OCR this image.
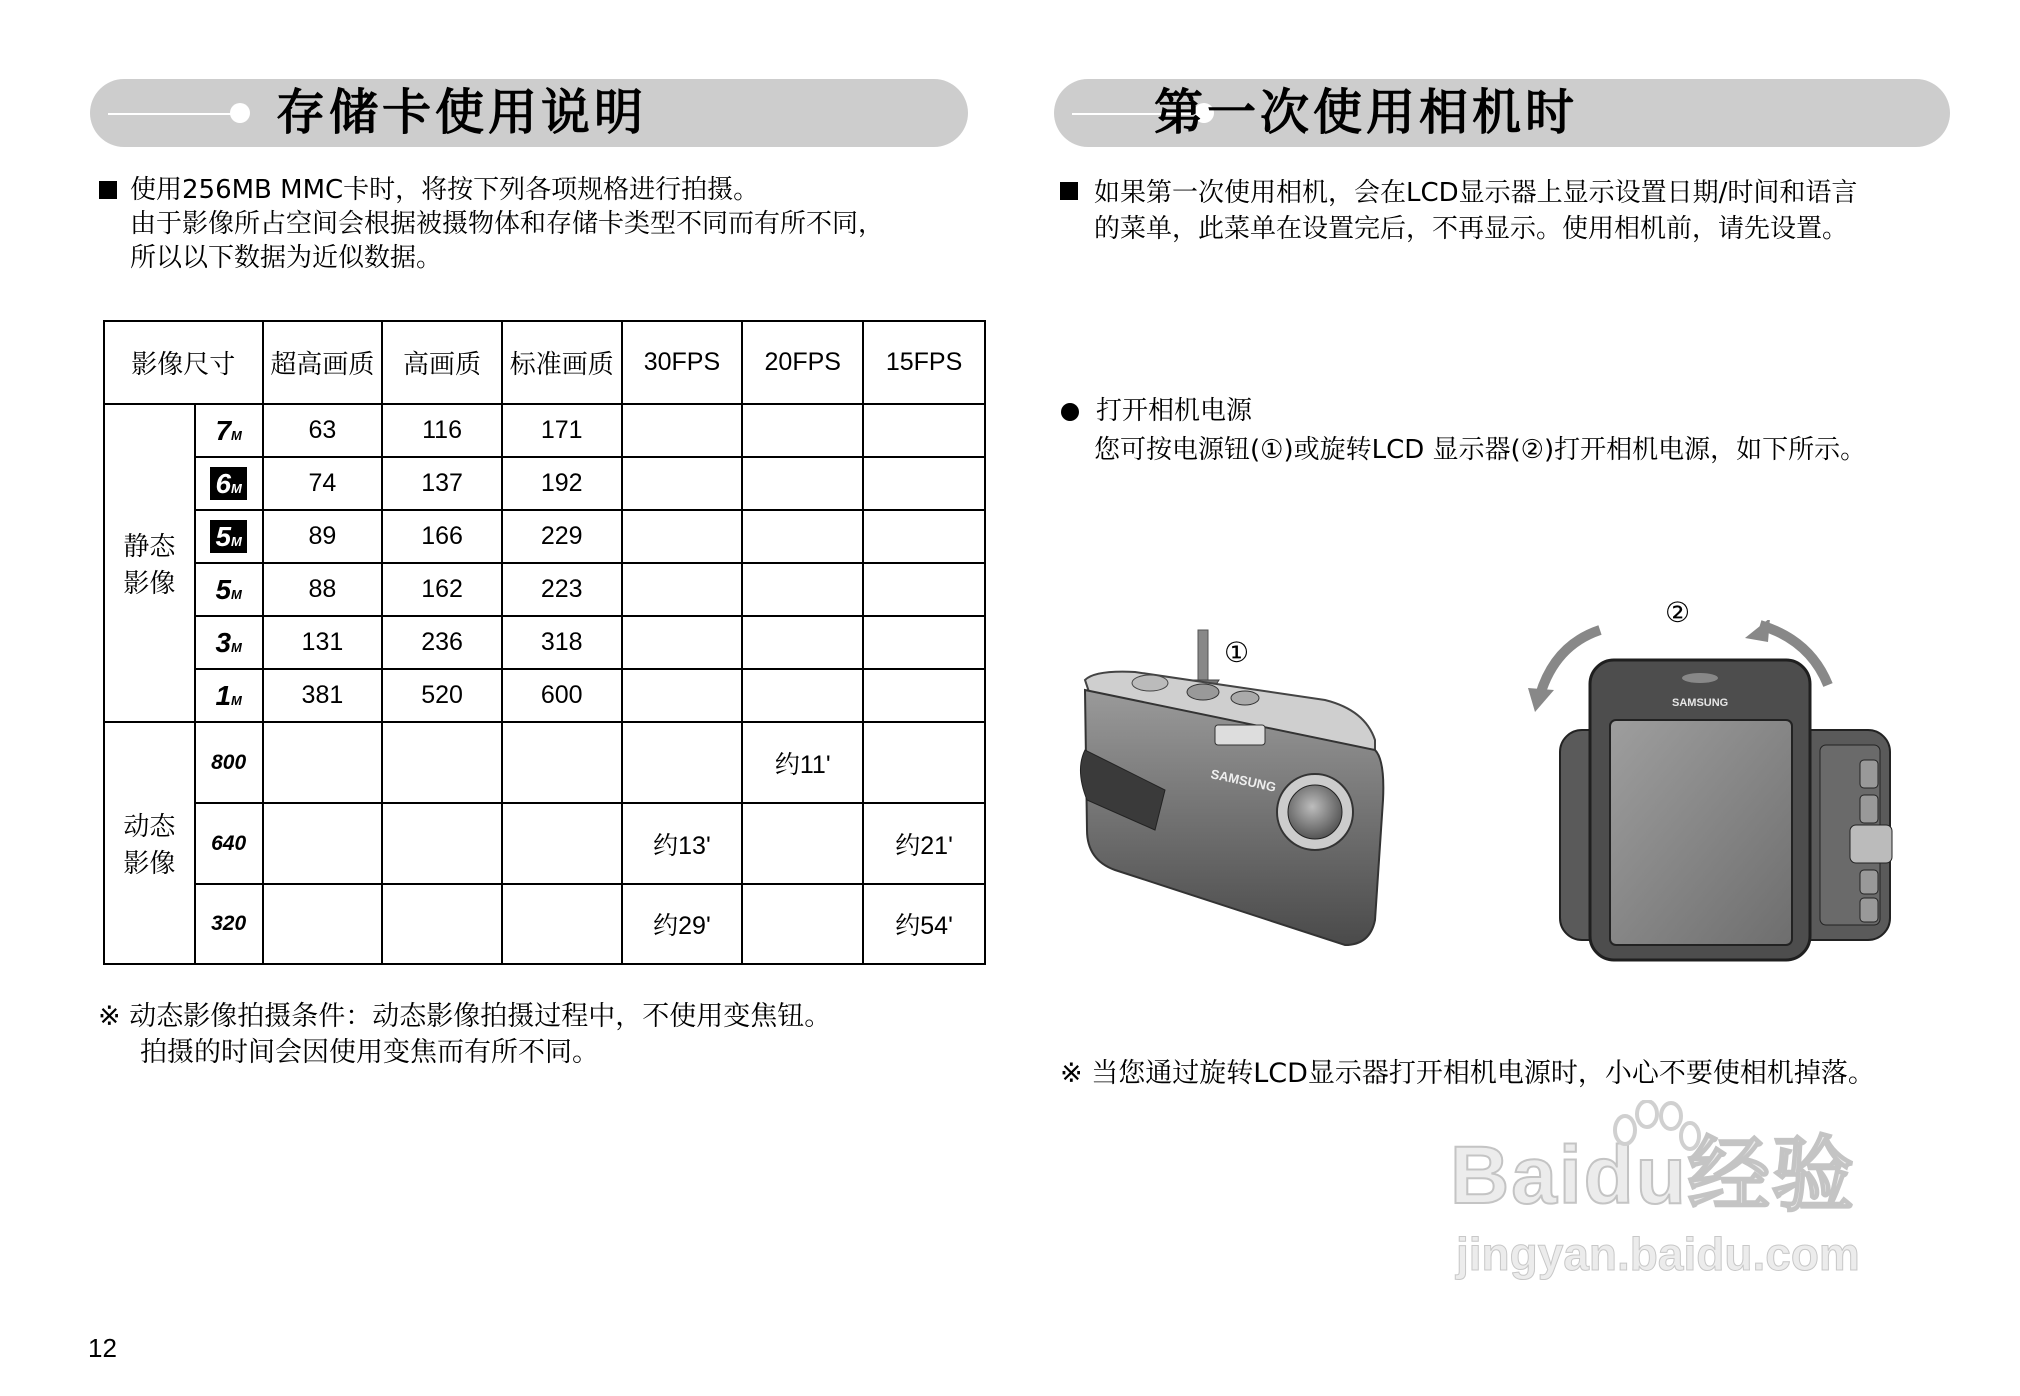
存储卡使用说明
使用256MB MMC卡时，将按下列各项规格进行拍摄。
由于影像所占空间会根据被摄物体和存储卡类型不同而有所不同，
所以以下数据为近似数据。
影像尺寸		超高画质	高画质	标准画质	30FPS	20FPS	15FPS

静态
影像	7M	63	116	171			
	6M	74	137	192			
	5M	89	166	229			
	5M	88	162	223			
	3M	131	236	318			
	1M	381	520	600			

动态
影像	800					约11'	
	640				约13'		约21'
	320				约29'		约54'
※ 动态影像拍摄条件：动态影像拍摄过程中，不使用变焦钮。
拍摄的时间会因使用变焦而有所不同。
12
第一次使用相机时
如果第一次使用相机，会在LCD显示器上显示设置日期/时间和语言
的菜单，此菜单在设置完后，不再显示。使用相机前，请先设置。
打开相机电源
您可按电源钮(①)或旋转LCD 显示器(②)打开相机电源，如下所示。
SAMSUNG
①
SAMSUNG
②
※ 当您通过旋转LCD显示器打开相机电源时，小心不要使相机掉落。
Baidu经验
jingyan.baidu.com
